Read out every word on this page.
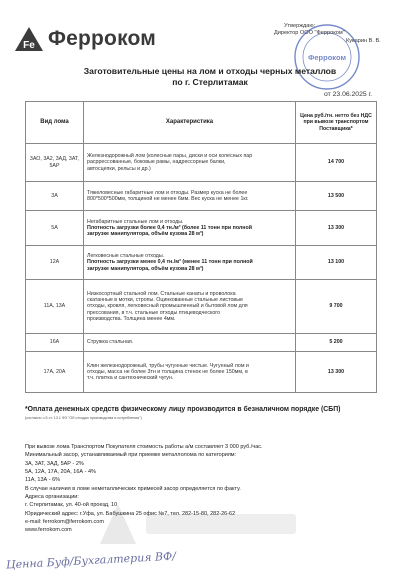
Fe Ферроком
Ферроком
Утверждаю:
Директор ООО "Ферроком"
Кукарин В. В.
Заготовительные цены на лом и отходы черных металлов
по г. Стерлитамак
от 23.06.2025 г.
Вид лома	Характеристика	Цена руб./тн. нетто без НДС
при вывозе транспортом
Поставщика*

3АО, 3А2, 3АД, 3АТ, 5АР	Железнодорожный лом (колесные пары, диски и оси колесных пар
расpрессованные, боковые рамы, надрессорные балки,
автосцепки, рельсы и др.)	14 700
3А	Тяжеловесные габаритные лом и отходы. Размер куска не более
800*500*500мм, толщиной не менее 6мм. Вес куска не менее 1кг.	13 500
5А	Негабаритные стальные лом и отходы.
Плотность загрузки более 0,4 тн./м³ (более 11 тонн при полной
загрузке манипулятора, объём кузова 28 м³)	13 300
12А	Легковесные стальные отходы.
Плотность загрузки менее 0,4 тн./м³ (менее 11 тонн при полной
загрузке манипулятора, объём кузова 28 м³)	13 100
11А, 13А	Низкосортный стальной лом. Стальные канаты и проволока
скатанные в мотки, стропы. Оцинкованные стальные листовые
отходы, кровля, легковесный промышленный и бытовой лом для
прессования, в т.ч. стальные отходы птицеводческого
производства. Толщина менее 4мм.	9 700
16А	Стружка стальная.	5 200
17А, 20А	Клин железнодорожный, трубы чугунные чистые. Чугунный лом и
отходы, масса не более 3тн и толщина стенок не более 150мм, в
т.ч. плитка и сантехнический чугун.	13 300
*Оплата денежных средств физическому лицу производится в безналичном порядке (СБП)
(согласно ч.5 ст. 13.1 ФЗ "Об отходах производства и потребления")
При вывозе лома Транспортом Покупателя стоимость работы а/м составляет 3 000 руб./час.
Минимальный засор, устанавливаемый при приемке металлолома по категориям:
3А, 3АТ, 3АД, 5АР - 2%
5А, 12А, 17А, 20А, 16А - 4%
11А, 13А - 6%
В случае наличия в ломе неметаллических примесей засор определяется по факту.
Адреса организации:
г. Стерлитамак, ул. 40-ой проезд, 10
Юридический адрес: г.Уфа, ул. Бабушкина 25 офис №7, тел. 282-15-80, 282-26-62
e-mail: ferrokom@ferrokom.com
www.ferrokom.com
Ценна Буф/Бухгалтерия ВФ/
